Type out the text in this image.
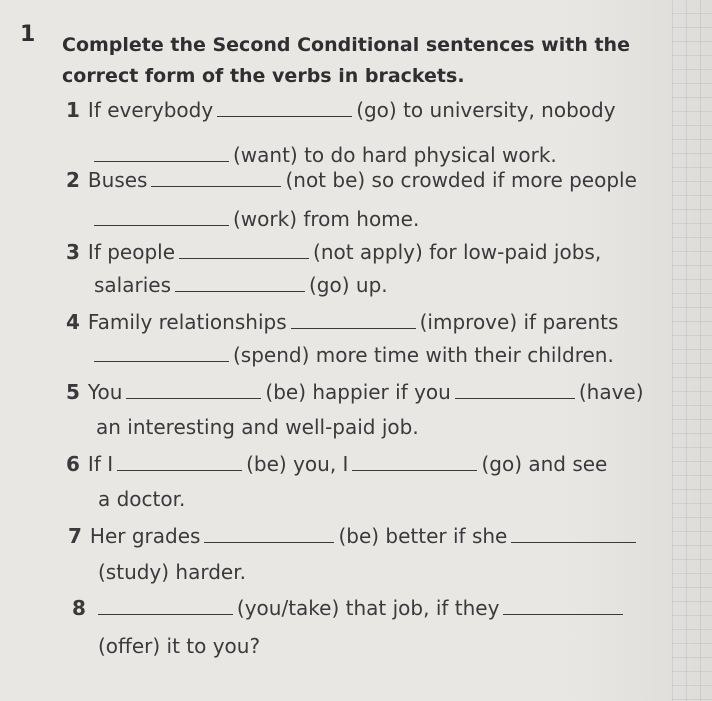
1 Complete the Second Conditional sentences with the correct form of the verbs in brackets.

1 If everybody	(go) to university, nobody
(want) to do hard physical work.
2 Buses	(not be) so crowded if more people
(work) from home.
3 If people	(not apply) for low-paid jobs,
salaries	(go) up.
4 Family relationships	(improve) if parents
(spend) more time with their children.
5 You	(be) happier if you	(have)
an interesting and well-paid job.
6 If I	(be) you, I	(go) and see
a doctor.
7 Her grades	(be) better if she
(study) harder.
8	(you/take) that job, if they
(offer) it to you?
